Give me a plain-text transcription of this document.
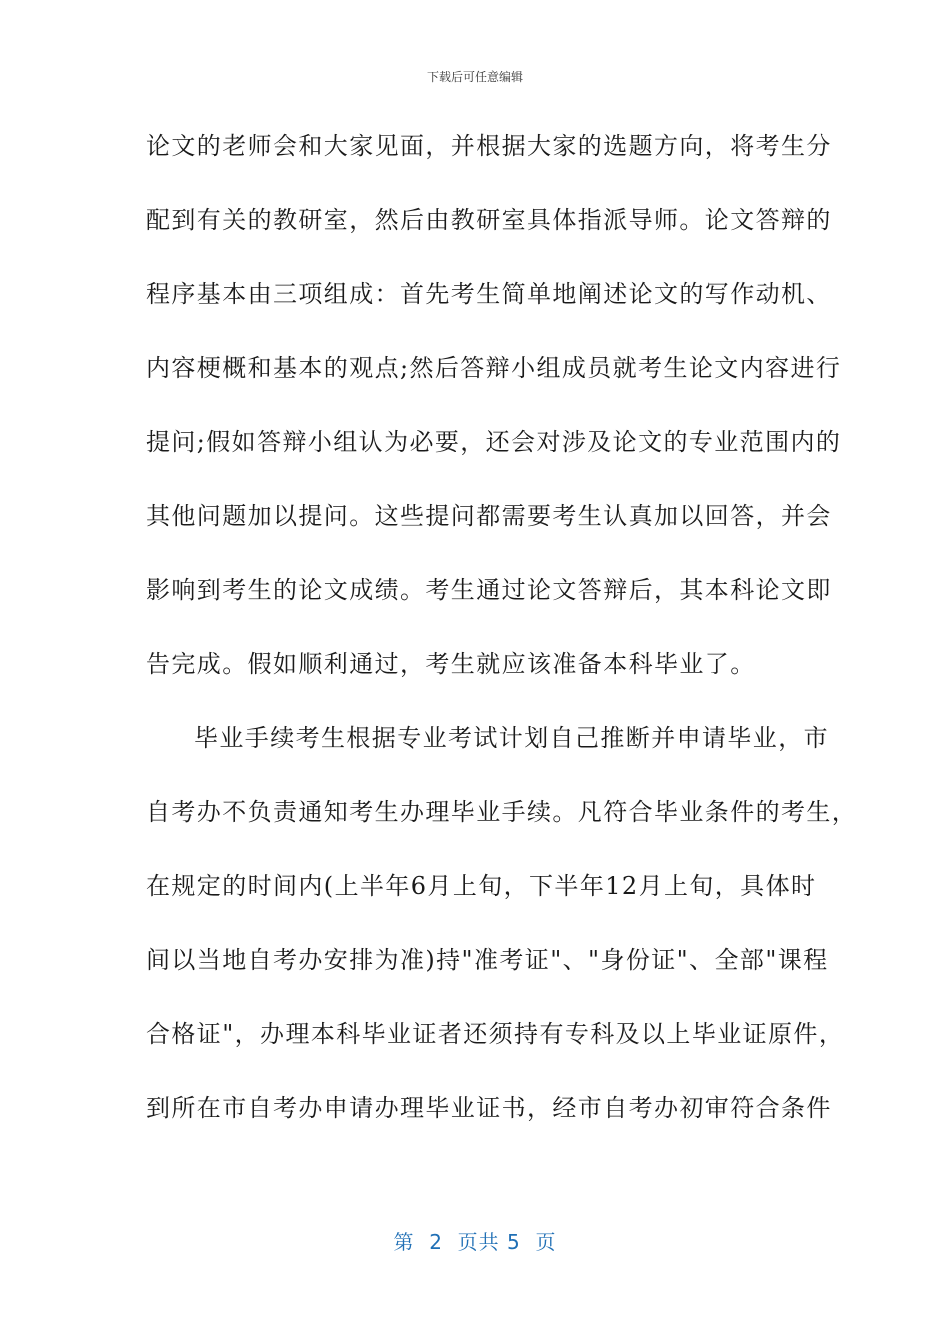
下载后可任意编辑
论文的老师会和大家见面，并根据大家的选题方向，将考生分
配到有关的教研室，然后由教研室具体指派导师。论文答辩的
程序基本由三项组成：首先考生简单地阐述论文的写作动机、
内容梗概和基本的观点;然后答辩小组成员就考生论文内容进行
提问;假如答辩小组认为必要，还会对涉及论文的专业范围内的
其他问题加以提问。这些提问都需要考生认真加以回答，并会
影响到考生的论文成绩。考生通过论文答辩后，其本科论文即
告完成。假如顺利通过，考生就应该准备本科毕业了。
毕业手续考生根据专业考试计划自己推断并申请毕业，市
自考办不负责通知考生办理毕业手续。凡符合毕业条件的考生，
在规定的时间内(上半年6月上旬，下半年12月上旬，具体时
间以当地自考办安排为准)持"准考证"、"身份证"、全部"课程
合格证"，办理本科毕业证者还须持有专科及以上毕业证原件，
到所在市自考办申请办理毕业证书，经市自考办初审符合条件
第  2  页共 5  页
